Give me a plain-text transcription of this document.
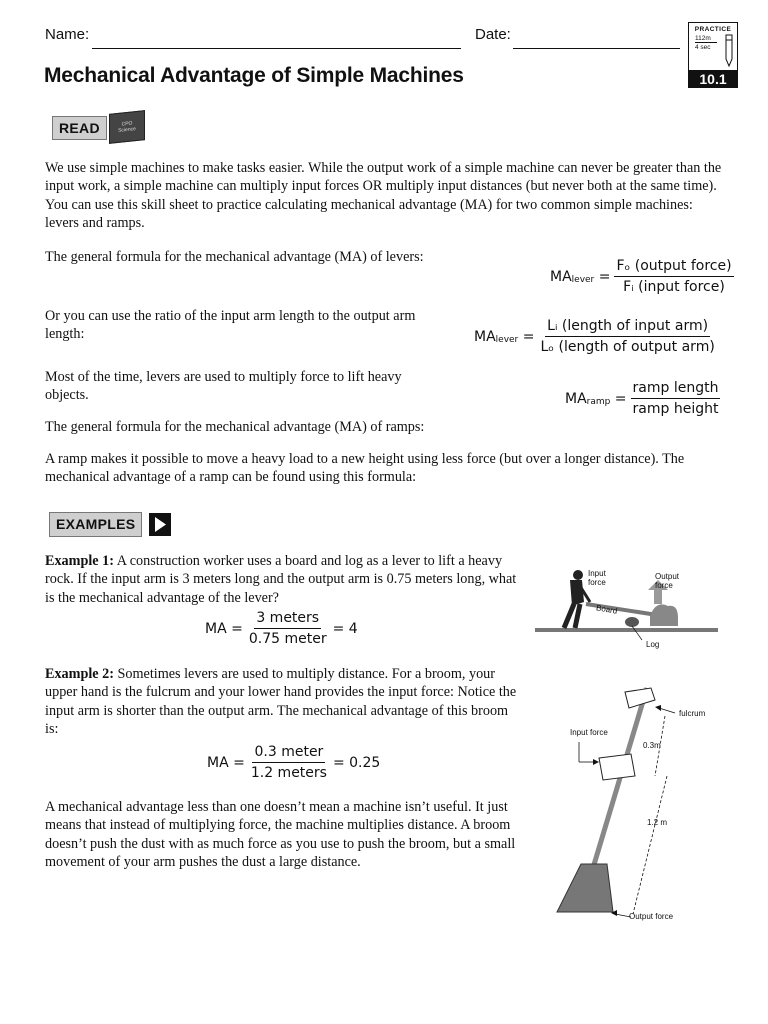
Name:	Date:	PRACTICE
112m
4 sec
10.1
Mechanical Advantage of Simple Machines
READ	CPO
Science
We use simple machines to make tasks easier. While the output work of a simple machine can never be greater than the input work, a simple machine can multiply input forces OR multiply input distances (but never both at the same time). You can use this skill sheet to practice calculating mechanical advantage (MA) for two common simple machines: levers and ramps.
The general formula for the mechanical advantage (MA) of levers:
MAlever = $\frac{\text{Fₒ (output force)}}{\text{Fᵢ (input force)}}$
Or you can use the ratio of the input arm length to the output arm length:	MAlever = $\frac{\text{Lᵢ (length of input arm)}}{\text{Lₒ (length of output arm)}}$
Most of the time, levers are used to multiply force to lift heavy objects.	MAramp = $\frac{\text{ramp length}}{\text{ramp height}}$
The general formula for the mechanical advantage (MA) of ramps:
A ramp makes it possible to move a heavy load to a new height using less force (but over a longer distance). The mechanical advantage of a ramp can be found using this formula:
EXAMPLES
Example 1: A construction worker uses a board and log as a lever to lift a heavy rock. If the input arm is 3 meters long and the output arm is 0.75 meters long, what is the mechanical advantage of the lever?
MA = $\frac{\text{3 meters}}{\text{0.75 meter}} = 4$
Input force
Output force
Board
Log
Example 2: Sometimes levers are used to multiply distance. For a broom, your upper hand is the fulcrum and your lower hand provides the input force: Notice the input arm is shorter than the output arm. The mechanical advantage of this broom is:
MA = $\frac{\text{0.3 meter}}{\text{1.2 meters}} = 0.25$
fulcrum
Input force
0.3m
1.2 m
Output force
A mechanical advantage less than one doesn’t mean a machine isn’t useful. It just means that instead of multiplying force, the machine multiplies distance. A broom doesn’t push the dust with as much force as you use to push the broom, but a small movement of your arm pushes the dust a large distance.
